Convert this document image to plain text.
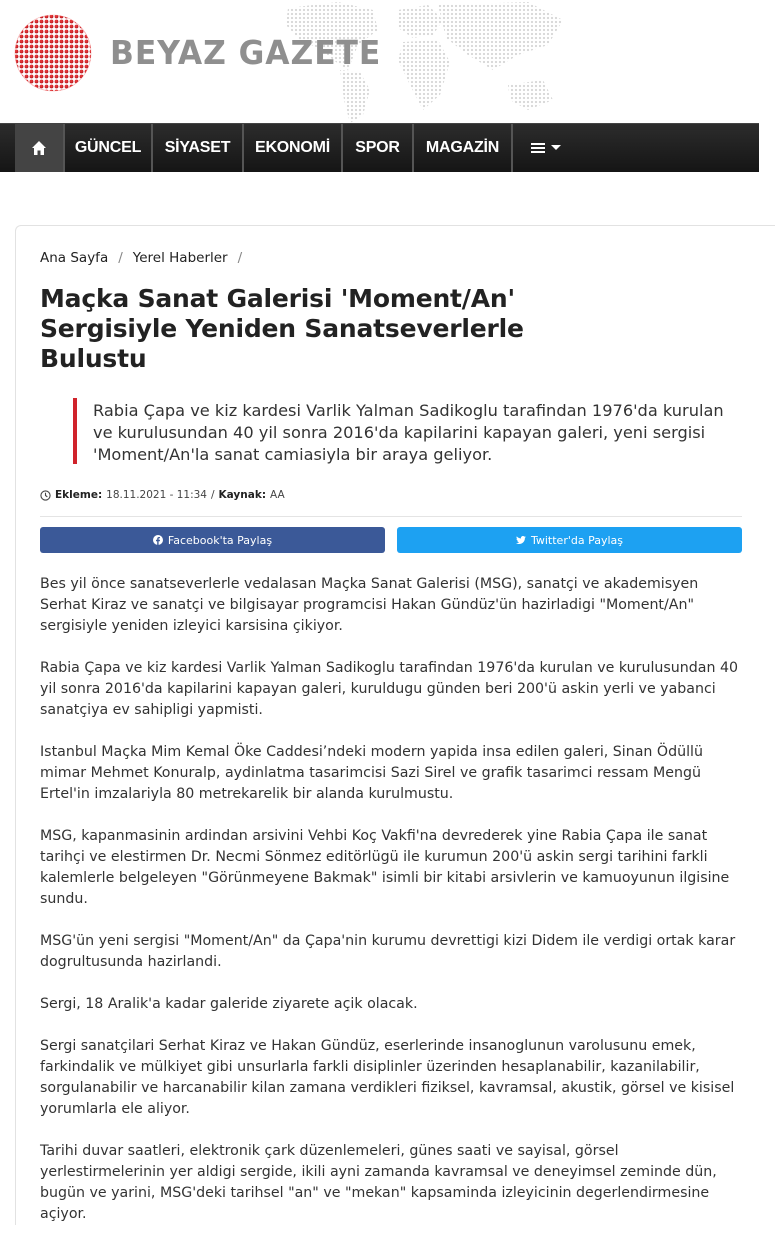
BEYAZ GAZETE
GÜNCEL	SİYASET	EKONOMİ	SPOR	MAGAZİN
Ana Sayfa / Yerel Haberler /
Maçka Sanat Galerisi 'Moment/An' Sergisiyle Yeniden Sanatseverlerle Bulustu
Rabia Çapa ve kiz kardesi Varlik Yalman Sadikoglu tarafindan 1976'da kurulan ve kurulusundan 40 yil sonra 2016'da kapilarini kapayan galeri, yeni sergisi 'Moment/An'la sanat camiasiyla bir araya geliyor.
Ekleme: 18.11.2021 - 11:34 / Kaynak: AA
Facebook'ta Paylaş	Twitter'da Paylaş

Bes yil önce sanatseverlerle vedalasan Maçka Sanat Galerisi (MSG), sanatçi ve akademisyen Serhat Kiraz ve sanatçi ve bilgisayar programcisi Hakan Gündüz'ün hazirladigi "Moment/An" sergisiyle yeniden izleyici karsisina çikiyor.

Rabia Çapa ve kiz kardesi Varlik Yalman Sadikoglu tarafindan 1976'da kurulan ve kurulusundan 40 yil sonra 2016'da kapilarini kapayan galeri, kuruldugu günden beri 200'ü askin yerli ve yabanci sanatçiya ev sahipligi yapmisti.

Istanbul Maçka Mim Kemal Öke Caddesi’ndeki modern yapida insa edilen galeri, Sinan Ödüllü mimar Mehmet Konuralp, aydinlatma tasarimcisi Sazi Sirel ve grafik tasarimci ressam Mengü Ertel'in imzalariyla 80 metrekarelik bir alanda kurulmustu.

MSG, kapanmasinin ardindan arsivini Vehbi Koç Vakfi'na devrederek yine Rabia Çapa ile sanat tarihçi ve elestirmen Dr. Necmi Sönmez editörlügü ile kurumun 200'ü askin sergi tarihini farkli kalemlerle belgeleyen "Görünmeyene Bakmak" isimli bir kitabi arsivlerin ve kamuoyunun ilgisine sundu.

MSG'ün yeni sergisi "Moment/An" da Çapa'nin kurumu devrettigi kizi Didem ile verdigi ortak karar dogrultusunda hazirlandi.

Sergi, 18 Aralik'a kadar galeride ziyarete açik olacak.

Sergi sanatçilari Serhat Kiraz ve Hakan Gündüz, eserlerinde insanoglunun varolusunu emek, farkindalik ve mülkiyet gibi unsurlarla farkli disiplinler üzerinden hesaplanabilir, kazanilabilir, sorgulanabilir ve harcanabilir kilan zamana verdikleri fiziksel, kavramsal, akustik, görsel ve kisisel yorumlarla ele aliyor.

Tarihi duvar saatleri, elektronik çark düzenlemeleri, günes saati ve sayisal, görsel yerlestirmelerinin yer aldigi sergide, ikili ayni zamanda kavramsal ve deneyimsel zeminde dün, bugün ve yarini, MSG'deki tarihsel "an" ve "mekan" kapsaminda izleyicinin degerlendirmesine açiyor.
